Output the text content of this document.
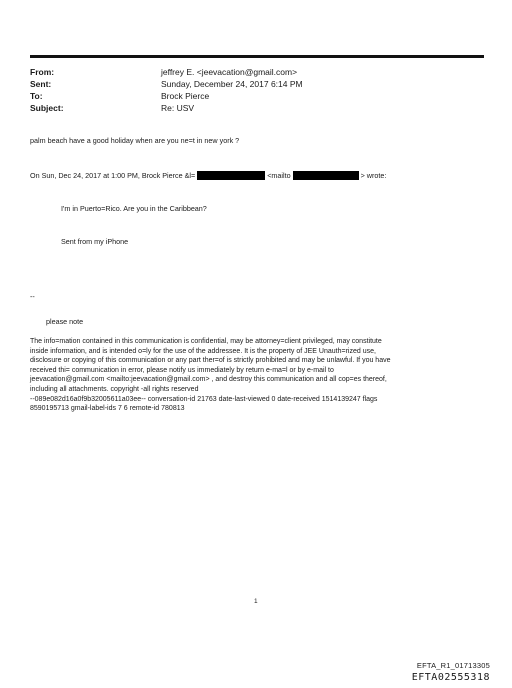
From:	jeffrey E. <jeevacation@gmail.com>
Sent:	Sunday, December 24, 2017 6:14 PM
To:	Brock Pierce
Subject:	Re: USV
palm beach have a good holiday when are you ne=t in new york ?
On Sun, Dec 24, 2017 at 1:00 PM, Brock Pierce &l=	<mailto	> wrote:
I'm in Puerto=Rico. Are you in the Caribbean?
Sent from my iPhone
--
please note
The info=mation contained in this communication is confidential, may be attorney=client privileged, may constitute
inside information, and is intended o=ly for the use of the addressee. It is the property of JEE Unauth=rized use,
disclosure or copying of this communication or any part ther=of is strictly prohibited and may be unlawful. If you have
received thi= communication in error, please notify us immediately by return e-ma=l or by e-mail to
jeevacation@gmail.com <mailto:jeevacation@gmail.com> , and destroy this communication and all cop=es thereof,
including all attachments. copyright -all rights reserved
--089e082d16a0f9b32005611a03ee-- conversation-id 21763 date-last-viewed 0 date-received 1514139247 flags
8590195713 gmail-label-ids 7 6 remote-id 780813
1
EFTA_R1_01713305
EFTA02555318
